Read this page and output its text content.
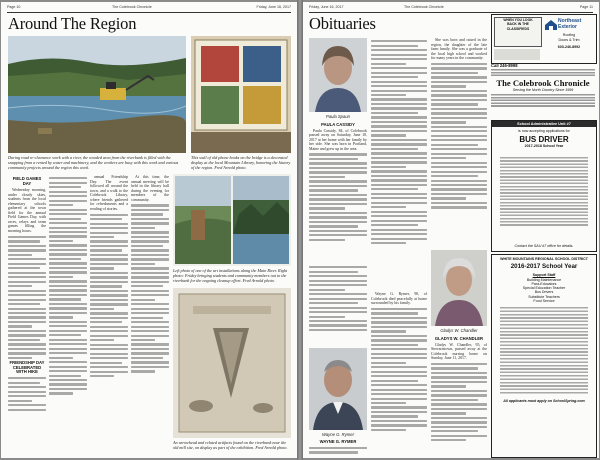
Page 10	The Colebrook Chronicle	Friday, June 16, 2017
Around The Region
During road re-clearance work with a river, the wooded area from the riverbank is filled with the snapping from a rented by water and machinery, and the workers are busy with this work and various community projects around the region this week.
This wall of old phone books on the bridge is a decorated display at the local Mountain Library, honoring the history of the region. Fred Arnold photo.

FIELD GAMES DAY

Wednesday morning, under cloudy skies, students from the local elementary schools gathered at the town field for the annual Field Games Day, with races, relays and team games filling the morning hours.

FRIENDSHIP DAY CELEBRATED WITH HIKE

annual Friendship Day. The event followed all around the town, and a walk to the Colebrook Library, where friends gathered for refreshments and a reading of stories.

At this time, the annual meeting will be held in the library hall during the evening for members of the community.

Left photo of one of the art installations along the Main River. Right photo: Friday bringing students and community members out to the riverbank for the ongoing cleanup effort. Fred Arnold photo.
An arrowhead and related artifacts found on the riverbank near the old mill site, on display as part of the exhibition. Fred Arnold photo.
Friday, June 16, 2017	The Colebrook Chronicle	Page 11
Obituaries
Paula Spaun

PAULA CASSIDY

Paula Cassidy, 84, of Colebrook passed away on Saturday, June 10, 2017 at her home with her family by her side. She was born in Portland, Maine and grew up in the area.

Wayne G. Rymer

WAYNE G. RYMER

Wayne G. Rymer, 90, of Colebrook died peacefully at home surrounded by his family.

She was born and raised in the region, the daughter of the late farm family. She was a graduate of the local high school and worked for many years in the community.

Gladys W. Chandler

GLADYS W. CHANDLER

Gladys W. Chandler, 95, of Stewartstown, passed away at the Colebrook nursing home on Sunday, June 11, 2017.

WHEN YOU LOOK
BACK IN THE
CLASSIFIEDS
Northeast Exterior
Roofing
Doors & Trim
603-246-8992
Call 246-8998
The Colebrook Chronicle
Serving the North Country Since 1999
School Administrative Unit #7
is now accepting applications for
BUS DRIVER
2017-2018 School Year
Contact the SAU #7 office for details.
WHITE MOUNTAINS REGIONAL SCHOOL DISTRICT
2016-2017 School Year
Support Staff
Building Maintenance
Para-Educators
Special Education Teacher
Bus Drivers
Substitute Teachers
Food Service
All applicants must apply on SchoolSpring.com
